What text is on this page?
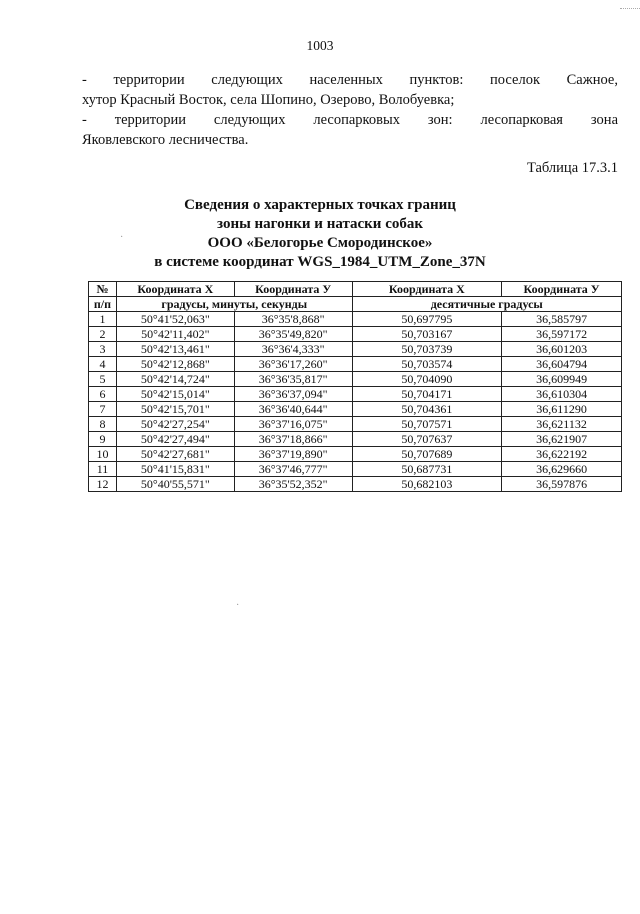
1003
- территории следующих населенных пунктов: поселок Сажное,
хутор Красный Восток, села Шопино, Озерово, Волобуевка;
- территории следующих лесопарковых зон: лесопарковая зона
Яковлевского лесничества.
Таблица 17.3.1
Сведения о характерных точках границ
зоны нагонки и натаски собак
ООО «Белогорье Смородинское»
в системе координат WGS_1984_UTM_Zone_37N
№	Координата X	Координата У	Координата X	Координата У
п/п	градусы, минуты, секунды		десятичные градусы	
1	50°41'52,063"	36°35'8,868"	50,697795	36,585797
2	50°42'11,402"	36°35'49,820"	50,703167	36,597172
3	50°42'13,461"	36°36'4,333"	50,703739	36,601203
4	50°42'12,868"	36°36'17,260"	50,703574	36,604794
5	50°42'14,724"	36°36'35,817"	50,704090	36,609949
6	50°42'15,014"	36°36'37,094"	50,704171	36,610304
7	50°42'15,701"	36°36'40,644"	50,704361	36,611290
8	50°42'27,254"	36°37'16,075"	50,707571	36,621132
9	50°42'27,494"	36°37'18,866"	50,707637	36,621907
10	50°42'27,681"	36°37'19,890"	50,707689	36,622192
11	50°41'15,831"	36°37'46,777"	50,687731	36,629660
12	50°40'55,571"	36°35'52,352"	50,682103	36,597876
·
·
